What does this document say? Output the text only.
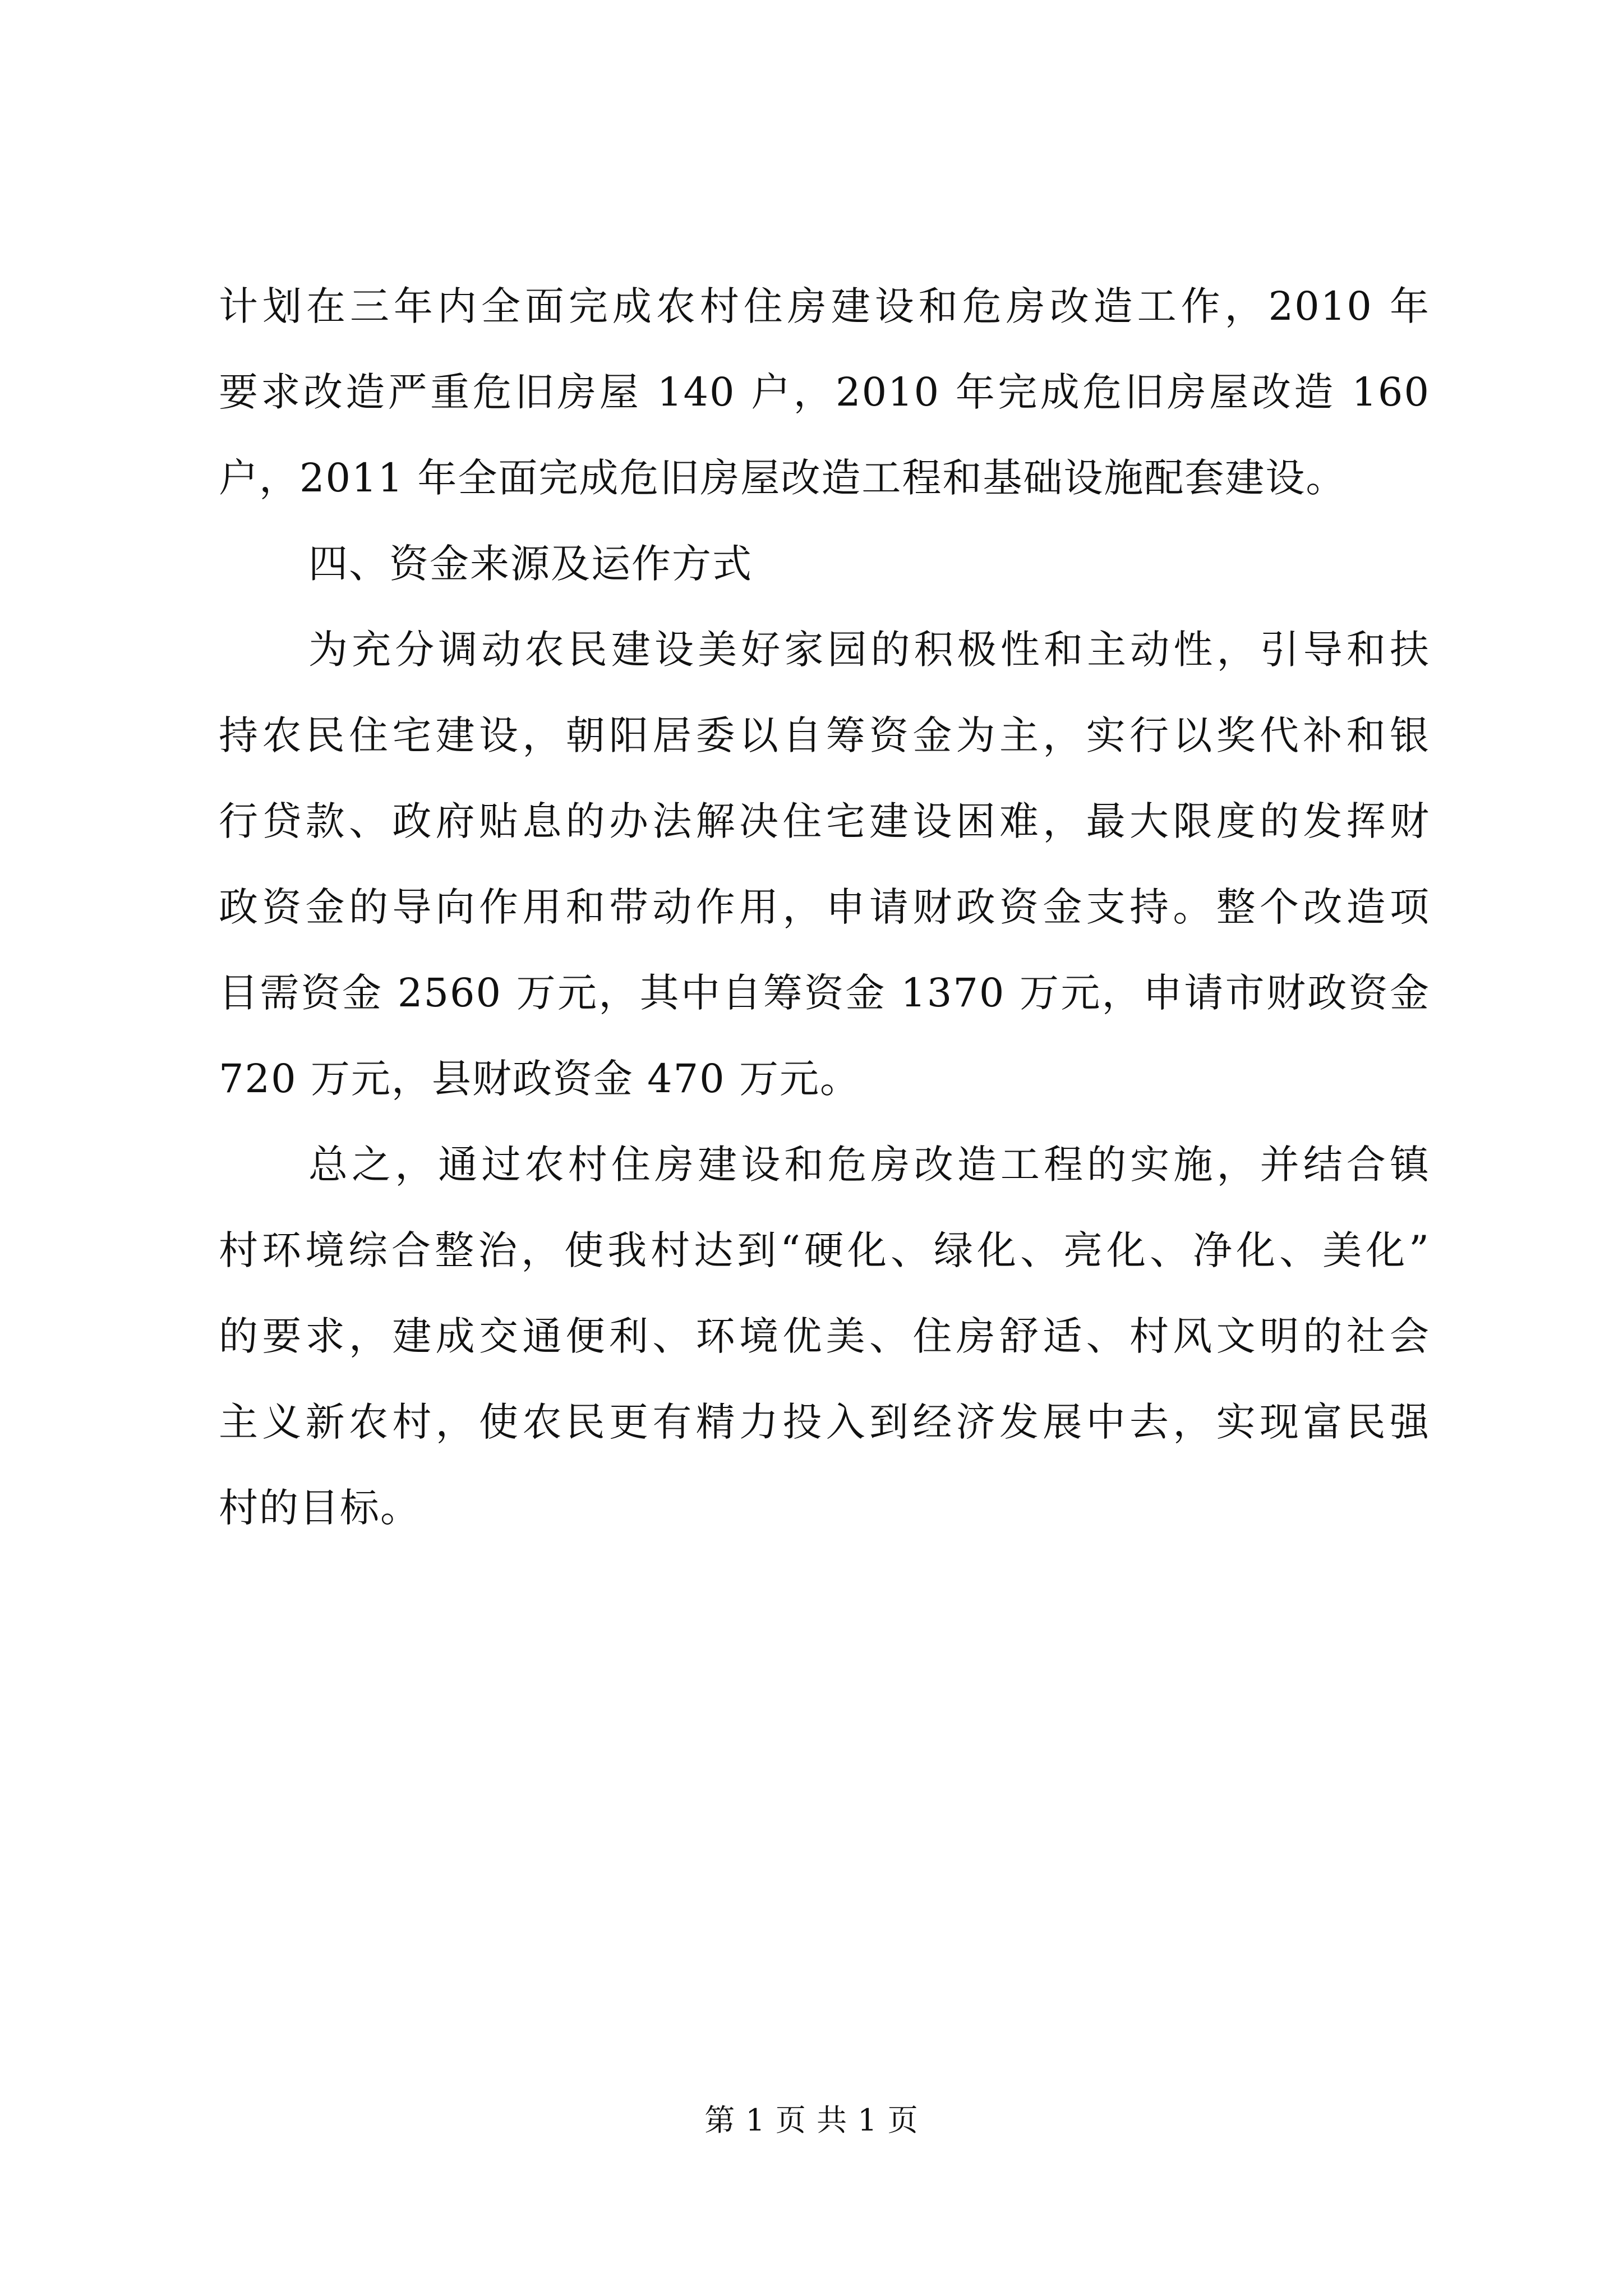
计划在三年内全面完成农村住房建设和危房改造工作，2010 年
要求改造严重危旧房屋 140 户，2010 年完成危旧房屋改造 160
户，2011 年全面完成危旧房屋改造工程和基础设施配套建设。
四、资金来源及运作方式
为充分调动农民建设美好家园的积极性和主动性，引导和扶
持农民住宅建设，朝阳居委以自筹资金为主，实行以奖代补和银
行贷款、政府贴息的办法解决住宅建设困难，最大限度的发挥财
政资金的导向作用和带动作用，申请财政资金支持。整个改造项
目需资金 2560 万元，其中自筹资金 1370 万元，申请市财政资金
720 万元，县财政资金 470 万元。
总之，通过农村住房建设和危房改造工程的实施，并结合镇
村环境综合整治，使我村达到“硬化、绿化、亮化、净化、美化”
的要求，建成交通便利、环境优美、住房舒适、村风文明的社会
主义新农村，使农民更有精力投入到经济发展中去，实现富民强
村的目标。
第 1 页 共 1 页
